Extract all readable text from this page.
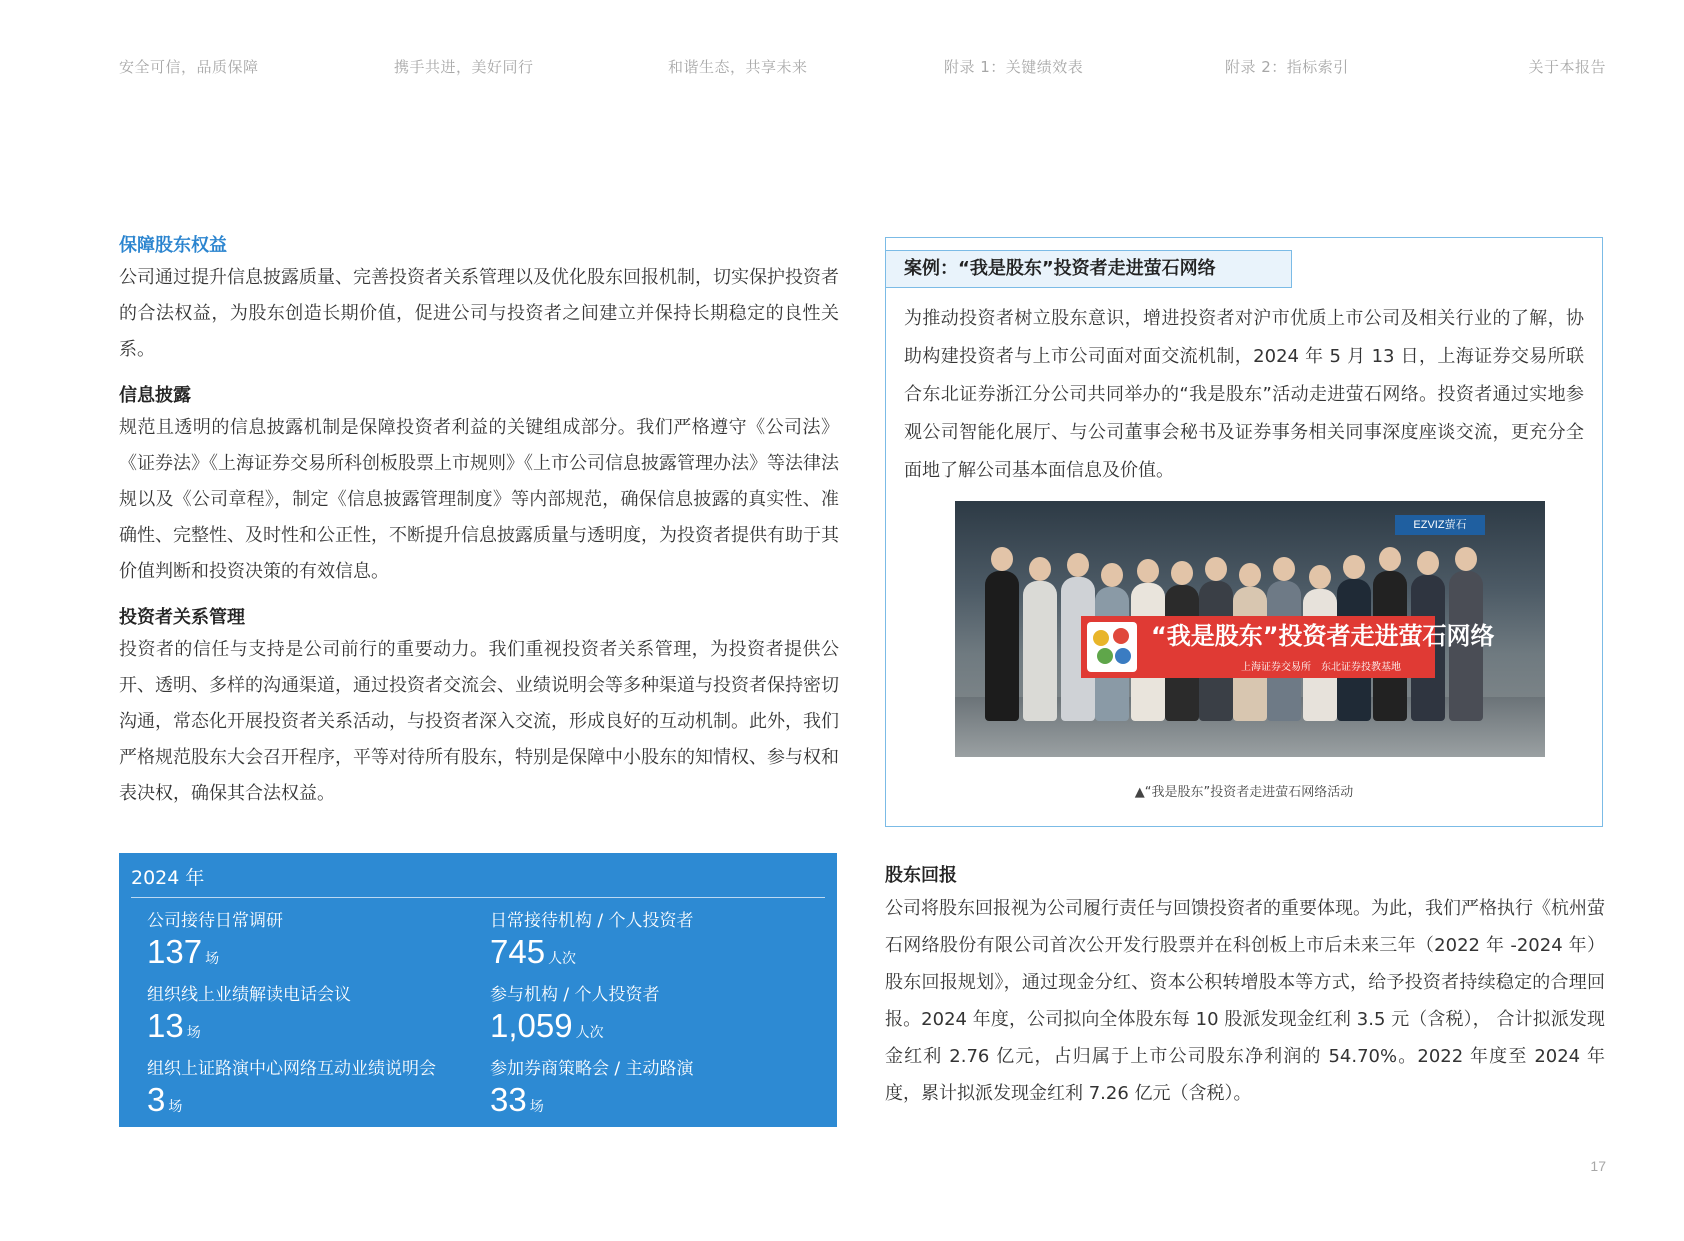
安全可信，品质保障	携手共进，美好同行	和谐生态，共享未来	附录 1：关键绩效表	附录 2：指标索引	关于本报告
保障股东权益

公司通过提升信息披露质量、完善投资者关系管理以及优化股东回报机制，切实保护投资者的合法权益，为股东创造长期价值，促进公司与投资者之间建立并保持长期稳定的良性关系。

信息披露

规范且透明的信息披露机制是保障投资者利益的关键组成部分。我们严格遵守《公司法》《证券法》《上海证券交易所科创板股票上市规则》《上市公司信息披露管理办法》等法律法规以及《公司章程》，制定《信息披露管理制度》等内部规范，确保信息披露的真实性、准确性、完整性、及时性和公正性，不断提升信息披露质量与透明度，为投资者提供有助于其价值判断和投资决策的有效信息。

投资者关系管理

投资者的信任与支持是公司前行的重要动力。我们重视投资者关系管理，为投资者提供公开、透明、多样的沟通渠道，通过投资者交流会、业绩说明会等多种渠道与投资者保持密切沟通，常态化开展投资者关系活动，与投资者深入交流，形成良好的互动机制。此外，我们严格规范股东大会召开程序，平等对待所有股东，特别是保障中小股东的知情权、参与权和表决权，确保其合法权益。

2024 年
公司接待日常调研
137 场
日常接待机构 / 个人投资者
745 人次
组织线上业绩解读电话会议
13 场
参与机构 / 个人投资者
1,059 人次
组织上证路演中心网络互动业绩说明会
3 场
参加券商策略会 / 主动路演
33 场
案例：“我是股东”投资者走进萤石网络
为推动投资者树立股东意识，增进投资者对沪市优质上市公司及相关行业的了解，协助构建投资者与上市公司面对面交流机制，2024 年 5 月 13 日，上海证券交易所联合东北证券浙江分公司共同举办的“我是股东”活动走进萤石网络。投资者通过实地参观公司智能化展厅、与公司董事会秘书及证券事务相关同事深度座谈交流，更充分全面地了解公司基本面信息及价值。
EZVIZ萤石
“我是股东”投资者走进萤石网络
上海证券交易所　东北证券投教基地
▲“我是股东”投资者走进萤石网络活动
股东回报

公司将股东回报视为公司履行责任与回馈投资者的重要体现。为此，我们严格执行《杭州萤石网络股份有限公司首次公开发行股票并在科创板上市后未来三年（2022 年 -2024 年）股东回报规划》，通过现金分红、资本公积转增股本等方式，给予投资者持续稳定的合理回报。2024 年度，公司拟向全体股东每 10 股派发现金红利 3.5 元（含税）， 合计拟派发现金红利 2.76 亿元，占归属于上市公司股东净利润的 54.70%。2022 年度至 2024 年度，累计拟派发现金红利 7.26 亿元（含税）。

17
